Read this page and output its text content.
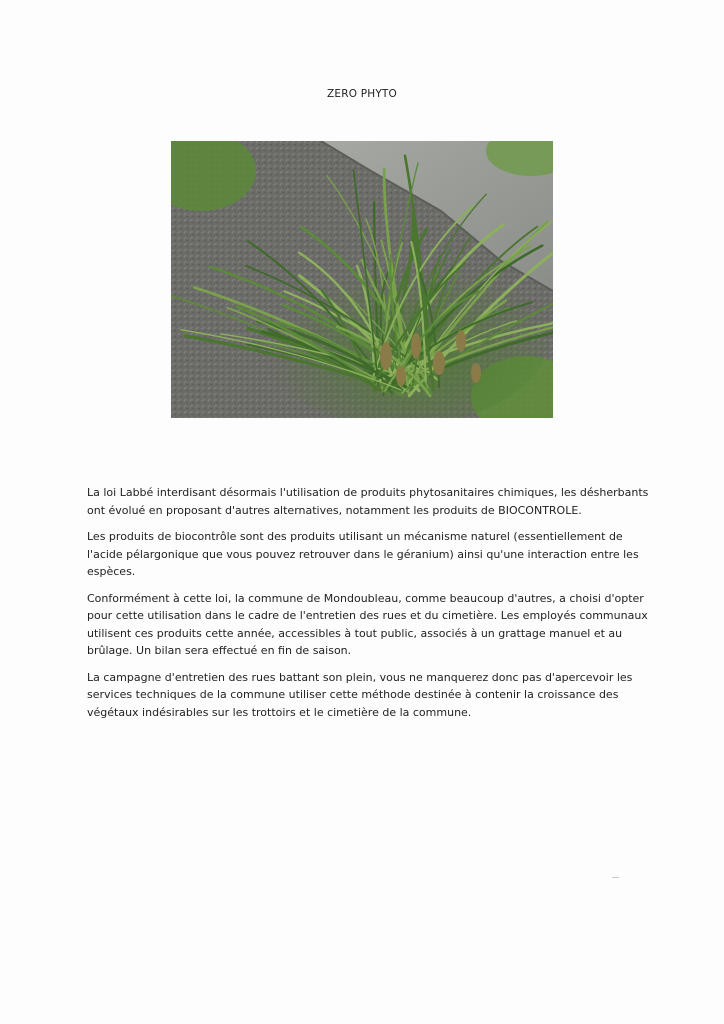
ZERO PHYTO

La loi Labbé interdisant désormais l'utilisation de produits phytosanitaires chimiques, les désherbants ont évolué en proposant d'autres alternatives, notamment les produits de BIOCONTROLE.

Les produits de biocontrôle sont des produits utilisant un mécanisme naturel (essentiellement de l'acide pélargonique que vous pouvez retrouver dans le géranium) ainsi qu'une interaction entre les espèces.

Conformément à cette loi, la commune de Mondoubleau, comme beaucoup d'autres, a choisi d'opter pour cette utilisation dans le cadre de l'entretien des rues et du cimetière. Les employés communaux utilisent ces produits cette année, accessibles à tout public, associés à un grattage manuel et au brûlage. Un bilan sera effectué en fin de saison.

La campagne d'entretien des rues battant son plein, vous ne manquerez donc pas d'apercevoir les services techniques de la commune utiliser cette méthode destinée à contenir la croissance des végétaux indésirables sur les trottoirs et le cimetière de la commune.
